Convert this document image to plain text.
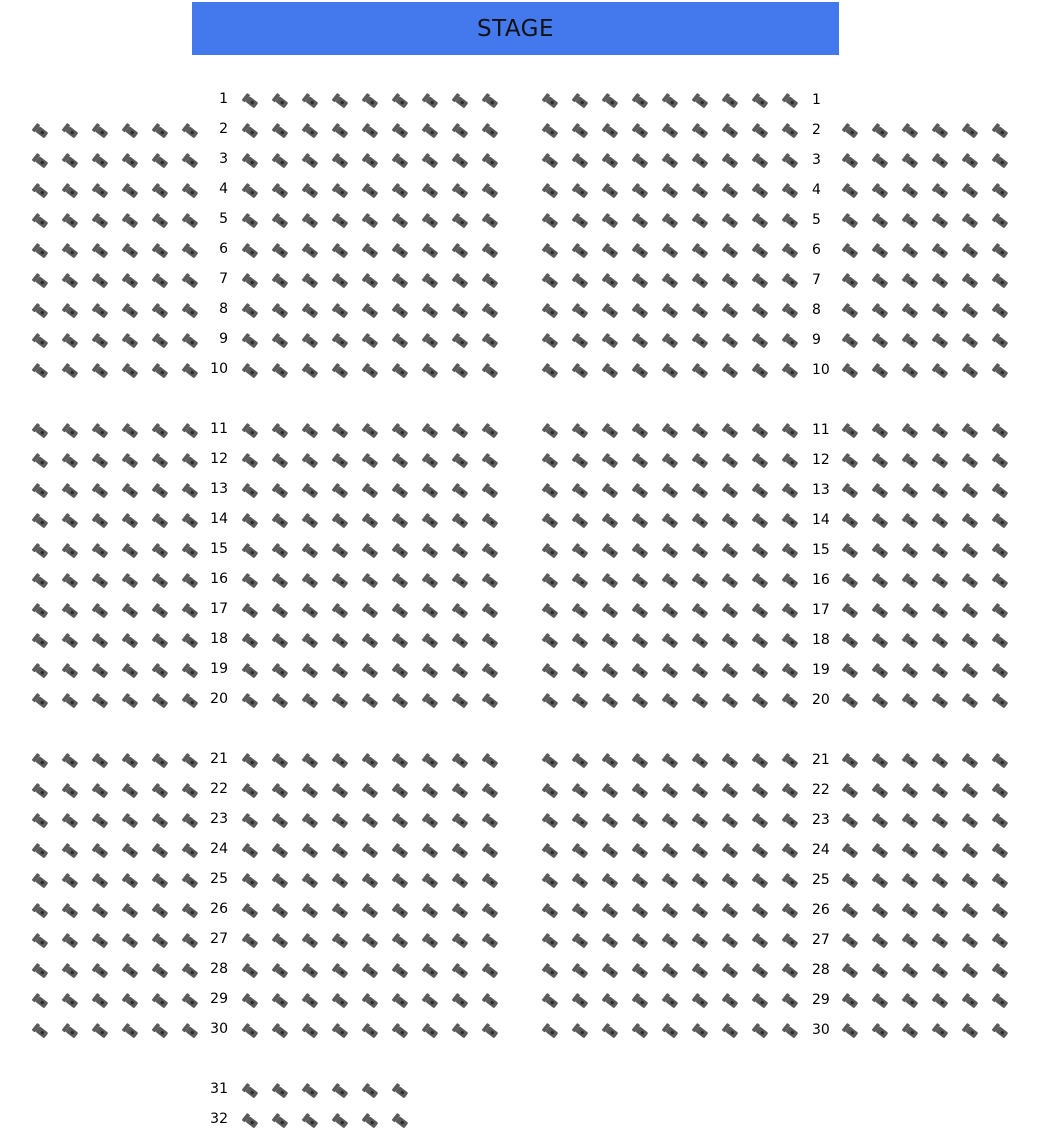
STAGE
1
2
3
4
5
6
7
8
9
10
11
12
13
14
15
16
17
18
19
20
21
22
23
24
25
26
27
28
29
30
31
32
1
2
3
4
5
6
7
8
9
10
11
12
13
14
15
16
17
18
19
20
21
22
23
24
25
26
27
28
29
30
